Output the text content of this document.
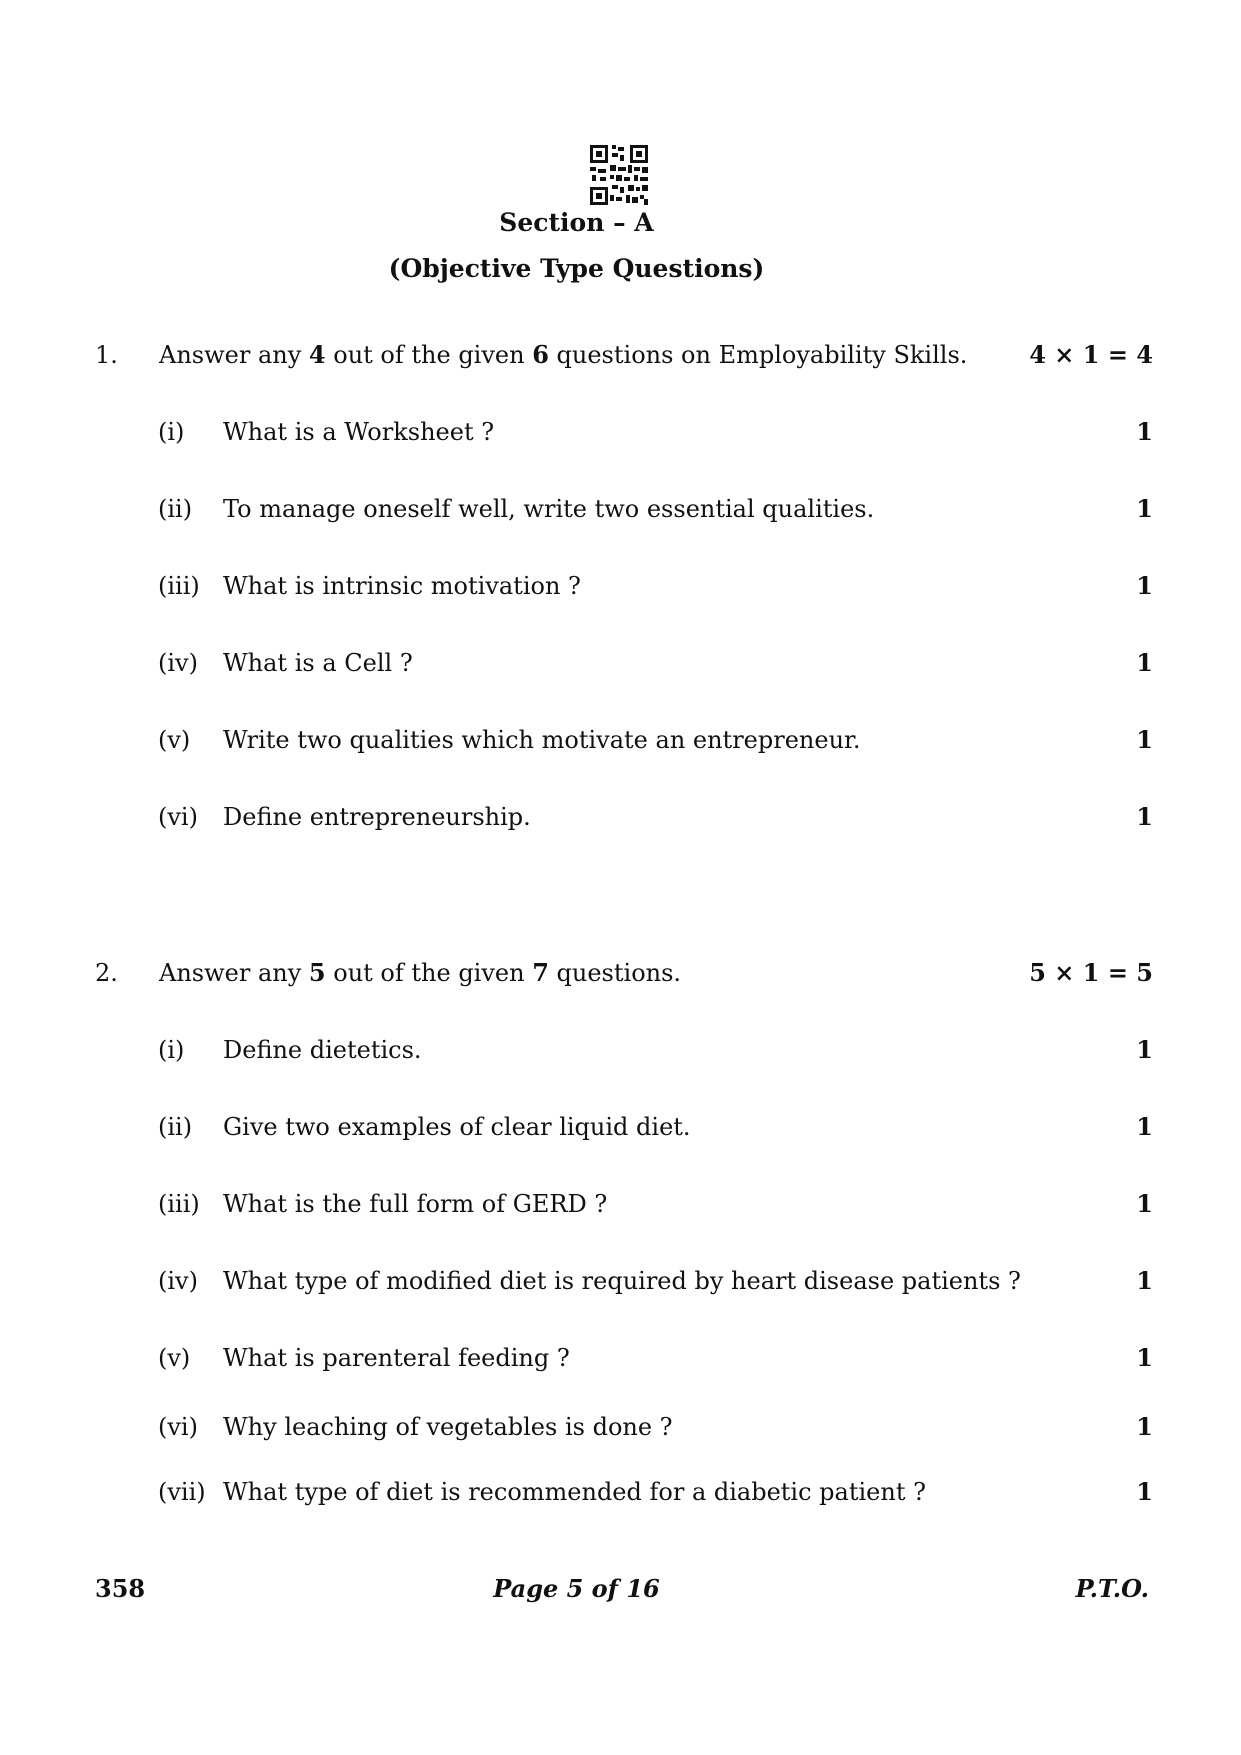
Section – A
(Objective Type Questions)
1. Answer any 4 out of the given 6 questions on Employability Skills.	4 × 1 = 4
(i) What is a Worksheet ?	1
(ii) To manage oneself well, write two essential qualities.	1
(iii) What is intrinsic motivation ?	1
(iv) What is a Cell ?	1
(v) Write two qualities which motivate an entrepreneur.	1
(vi) Define entrepreneurship.	1
2. Answer any 5 out of the given 7 questions.	5 × 1 = 5
(i) Define dietetics.	1
(ii) Give two examples of clear liquid diet.	1
(iii) What is the full form of GERD ?	1
(iv) What type of modified diet is required by heart disease patients ?	1
(v) What is parenteral feeding ?	1
(vi) Why leaching of vegetables is done ?	1
(vii) What type of diet is recommended for a diabetic patient ?	1
358	Page 5 of 16	P.T.O.
